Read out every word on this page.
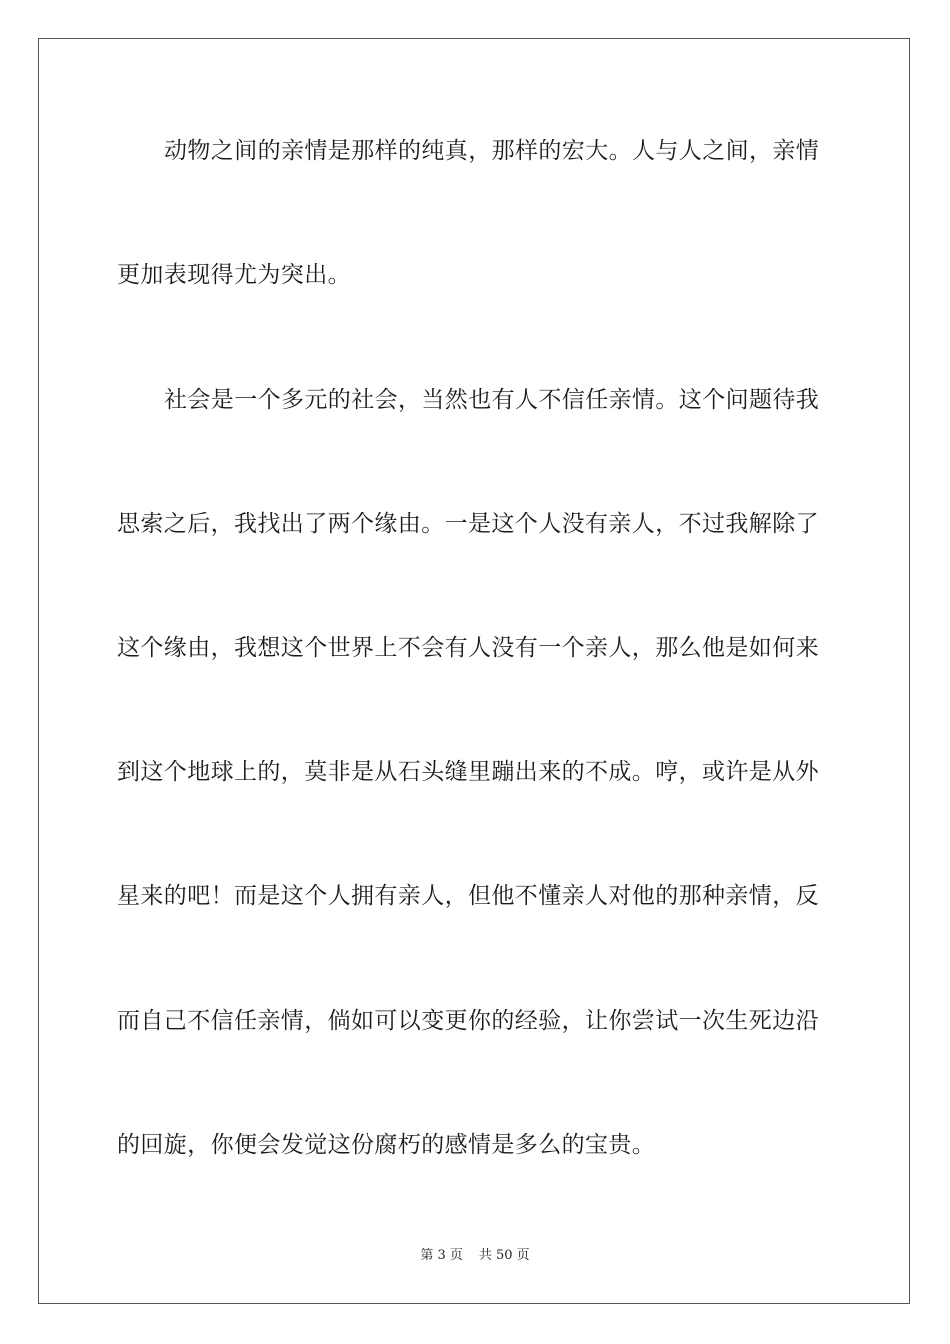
动物之间的亲情是那样的纯真，那样的宏大。人与人之间，亲情
更加表现得尤为突出。
社会是一个多元的社会，当然也有人不信任亲情。这个问题待我
思索之后，我找出了两个缘由。一是这个人没有亲人，不过我解除了
这个缘由，我想这个世界上不会有人没有一个亲人，那么他是如何来
到这个地球上的，莫非是从石头缝里蹦出来的不成。哼，或许是从外
星来的吧！而是这个人拥有亲人，但他不懂亲人对他的那种亲情，反
而自己不信任亲情，倘如可以变更你的经验，让你尝试一次生死边沿
的回旋，你便会发觉这份腐朽的感情是多么的宝贵。
第 3 页 共 50 页
